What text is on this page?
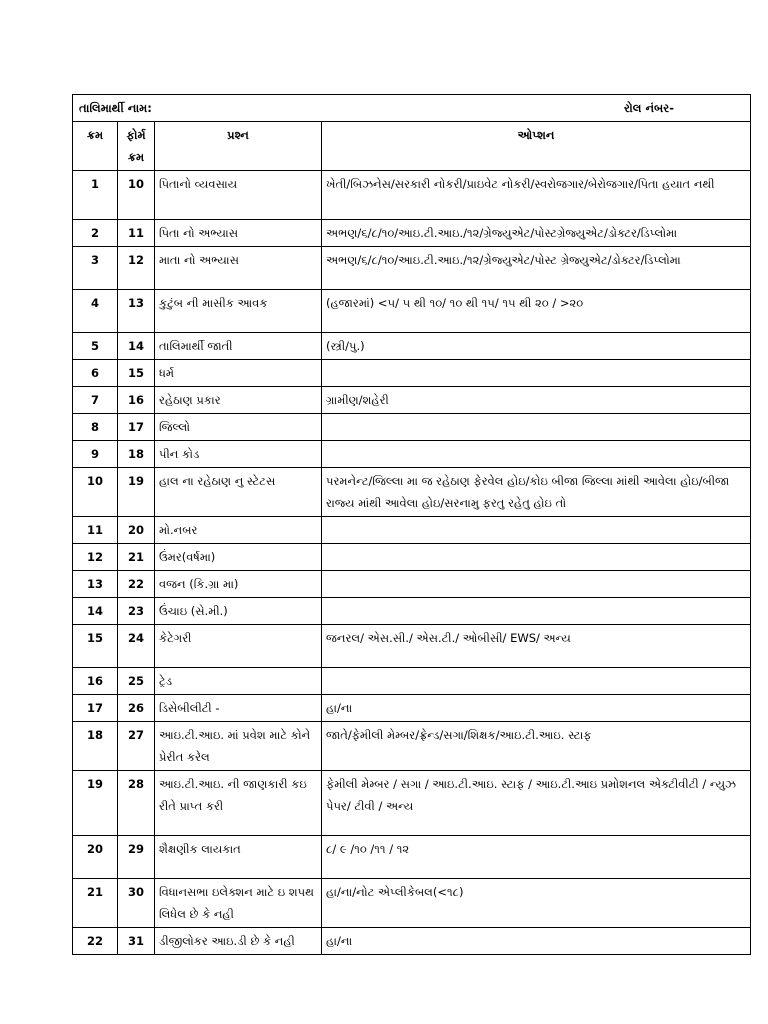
તાલિમાર્થી નામ: રોલ નંબર-			

ક્રમ	ફોર્મ ક્રમ	પ્રશ્ન	ઓપ્શન
1	10	પિતાનો વ્યવસાય	ખેતી/બિઝનેસ/સરકારી નોકરી/પ્રાઇવેટ નોકરી/સ્વરોજગાર/બેરોજગાર/પિતા હયાત નથી
2	11	પિતા નો અભ્યાસ	અભણ/૬/૮/૧૦/આઇ.ટી.આઇ./૧૨/ગ્રેજ્યુએટ/પોસ્ટગ્રેજ્યુએટ/ડોક્ટર/ડિપ્લોમા
3	12	માતા નો અભ્યાસ	અભણ/૬/૮/૧૦/આઇ.ટી.આઇ./૧૨/ગ્રેજ્યુએટ/પોસ્ટ ગ્રેજ્યુએટ/ડોક્ટર/ડિપ્લોમા
4	13	કુટુંબ ની માસીક આવક	(હજારમાં) <૫/ ૫ થી ૧૦/ ૧૦ થી ૧૫/ ૧૫ થી ૨૦ / >૨૦
5	14	તાલિમાર્થી જાતી	(સ્ત્રી/પુ.)
6	15	ધર્મ	
7	16	રહેઠાણ પ્રકાર	ગ્રામીણ/શહેરી
8	17	જિલ્લો	
9	18	પીન કોડ	
10	19	હાલ ના રહેઠાણ નુ સ્ટેટસ	પરમનેન્ટ/જિલ્લા મા જ રહેઠાણ ફેરવેલ હોઇ/કોઇ બીજા જિલ્લા માંથી આવેલા હોઇ/બીજા રાજ્ય માંથી આવેલા હોઇ/સરનામુ ફરતુ રહેતુ હોઇ તો
11	20	મો.નબર	
12	21	ઉંમર(વર્ષમા)	
13	22	વજન (કિ.ગ્રા મા)	
14	23	ઉંચાઇ (સે.મી.)	
15	24	કેટેગરી	જનરલ/ એસ.સી./ એસ.ટી./ ઓબીસી/ EWS/ અન્ય
16	25	ટ્રેડ	
17	26	ડિસેબીલીટી -	હા/ના
18	27	આઇ.ટી.આઇ. માં પ્રવેશ માટે કોને પ્રેરીત કરેલ	જાતે/ફેમીલી મેમ્બર/ફ્રેન્ડ/સગા/શિક્ષક/આઇ.ટી.આઇ. સ્ટાફ
19	28	આઇ.ટી.આઇ. ની જાણકારી કઇ રીતે પ્રાપ્ત કરી	ફેમીલી મેમ્બર / સગા / આઇ.ટી.આઇ. સ્ટાફ / આઇ.ટી.આઇ પ્રમોશનલ એક્ટીવીટી / ન્યુઝ પેપર/ ટીવી / અન્ય
20	29	શૈક્ષણીક લાયકાત	૮/ ૯ /૧૦ /૧૧ / ૧૨
21	30	વિધાનસભા ઇલેક્શન માટે ઇ શપથ લિધેલ છે કે નહી	હા/ના/નોટ એપ્લીકેબલ(<૧૮)
22	31	ડીજીલોકર આઇ.ડી છે કે નહી	હા/ના
